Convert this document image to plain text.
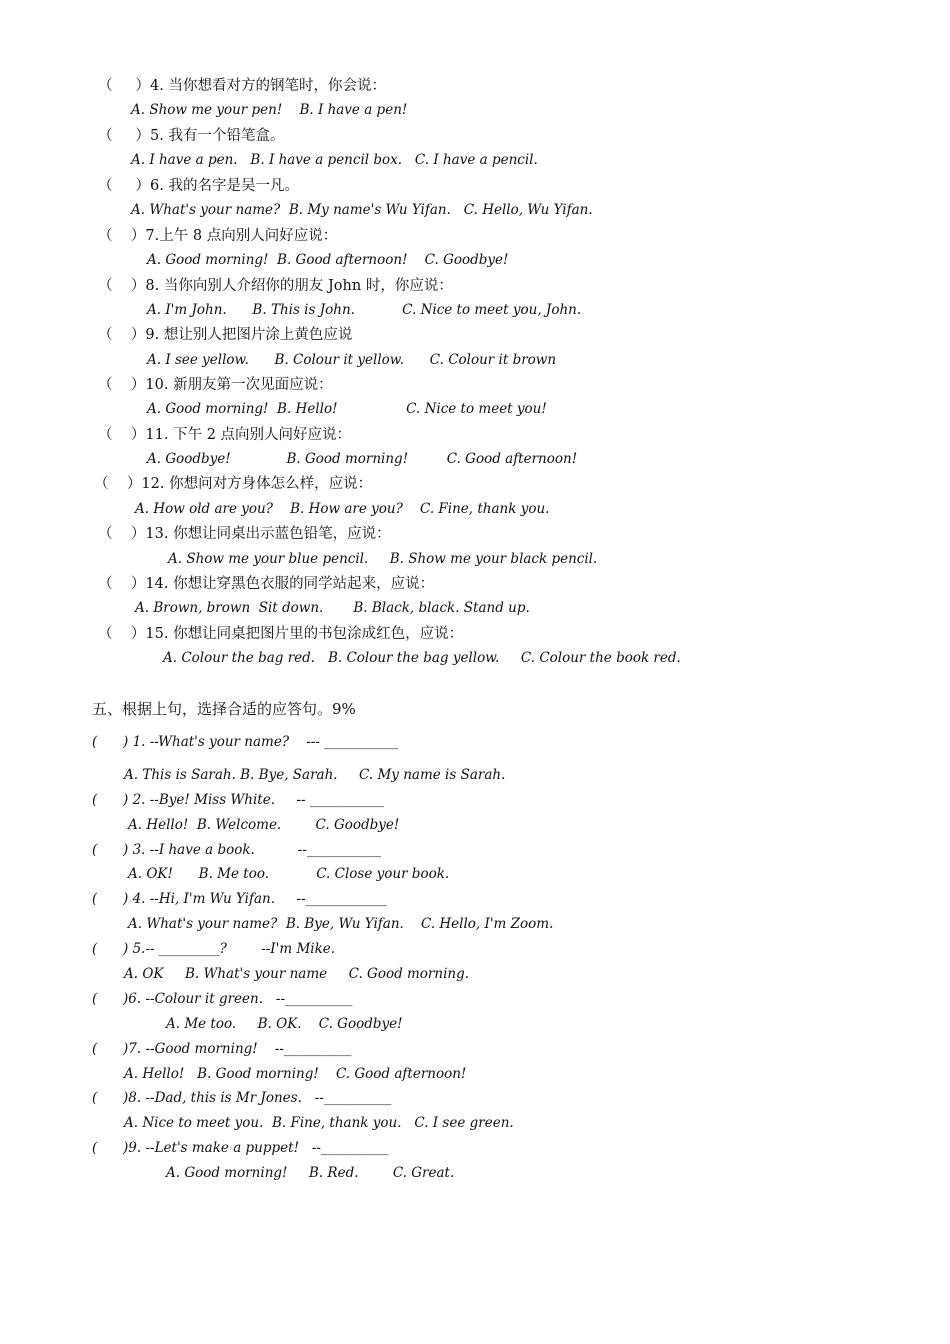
（     ）4. 当你想看对方的钢笔时，你会说：
A. Show me your pen!    B. I have a pen!
（     ）5. 我有一个铅笔盒。
A. I have a pen.   B. I have a pencil box.   C. I have a pencil.
（     ）6. 我的名字是吴一凡。
A. What's your name?  B. My name's Wu Yifan.   C. Hello, Wu Yifan.
（    ）7.上午 8 点向别人问好应说：
A. Good morning!  B. Good afternoon!    C. Goodbye!
（    ）8. 当你向别人介绍你的朋友 John 时，你应说：
A. I'm John.      B. This is John.           C. Nice to meet you, John.
（    ）9. 想让别人把图片涂上黄色应说
A. I see yellow.      B. Colour it yellow.      C. Colour it brown
（    ）10. 新朋友第一次见面应说：
A. Good morning!  B. Hello!                C. Nice to meet you!
（    ）11. 下午 2 点向别人问好应说：
A. Goodbye!             B. Good morning!         C. Good afternoon!
（    ）12. 你想问对方身体怎么样，应说：
A. How old are you?    B. How are you?    C. Fine, thank you.
（    ）13. 你想让同桌出示蓝色铅笔，应说：
A. Show me your blue pencil.     B. Show me your black pencil.
（    ）14. 你想让穿黑色衣服的同学站起来，应说：
A. Brown, brown  Sit down.       B. Black, black. Stand up.
（    ）15. 你想让同桌把图片里的书包涂成红色，应说：
A. Colour the bag red.   B. Colour the bag yellow.     C. Colour the book red.
五、根据上句，选择合适的应答句。9%
(      ) 1. --What's your name?    --- ___________
A. This is Sarah. B. Bye, Sarah.     C. My name is Sarah.
(      ) 2. --Bye! Miss White.     -- ___________
A. Hello!  B. Welcome.        C. Goodbye!
(      ) 3. --I have a book.          --___________
A. OK!      B. Me too.           C. Close your book.
(      ) 4. --Hi, I'm Wu Yifan.     --____________
A. What's your name?  B. Bye, Wu Yifan.    C. Hello, I'm Zoom.
(      ) 5.-- _________?        --I'm Mike.
A. OK     B. What's your name     C. Good morning.
(      )6. --Colour it green.   --__________
A. Me too.     B. OK.    C. Goodbye!
(      )7. --Good morning!    --__________
A. Hello!   B. Good morning!    C. Good afternoon!
(      )8. --Dad, this is Mr Jones.   --__________
A. Nice to meet you.  B. Fine, thank you.   C. I see green.
(      )9. --Let's make a puppet!   --__________
A. Good morning!     B. Red.        C. Great.
